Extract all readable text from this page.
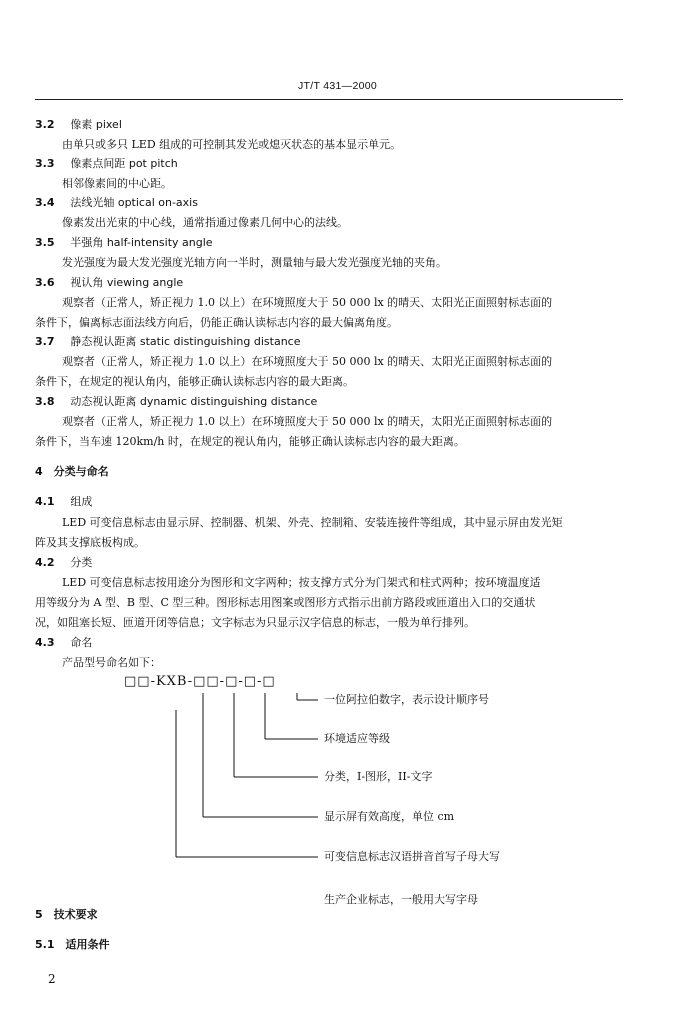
JT/T 431—2000
3.2 像素 pixel
由单只或多只 LED 组成的可控制其发光或熄灭状态的基本显示单元。
3.3 像素点间距 pot pitch
相邻像素间的中心距。
3.4 法线光轴 optical on-axis
像素发出光束的中心线，通常指通过像素几何中心的法线。
3.5 半强角 half-intensity angle
发光强度为最大发光强度光轴方向一半时，测量轴与最大发光强度光轴的夹角。
3.6 视认角 viewing angle
观察者（正常人，矫正视力 1.0 以上）在环境照度大于 50 000 lx 的晴天、太阳光正面照射标志面的
条件下，偏离标志面法线方向后，仍能正确认读标志内容的最大偏离角度。
3.7 静态视认距离 static distinguishing distance
观察者（正常人，矫正视力 1.0 以上）在环境照度大于 50 000 lx 的晴天、太阳光正面照射标志面的
条件下，在规定的视认角内，能够正确认读标志内容的最大距离。
3.8 动态视认距离 dynamic distinguishing distance
观察者（正常人，矫正视力 1.0 以上）在环境照度大于 50 000 lx 的晴天，太阳光正面照射标志面的
条件下，当车速 120km/h 时，在规定的视认角内，能够正确认读标志内容的最大距离。
4　分类与命名
4.1 组成
LED 可变信息标志由显示屏、控制器、机架、外壳、控制箱、安装连接件等组成，其中显示屏由发光矩
阵及其支撑底板构成。
4.2 分类
LED 可变信息标志按用途分为图形和文字两种；按支撑方式分为门架式和柱式两种；按环境温度适
用等级分为 A 型、B 型、C 型三种。图形标志用图案或图形方式指示出前方路段或匝道出入口的交通状
况，如阻塞长短、匝道开闭等信息；文字标志为只显示汉字信息的标志，一般为单行排列。
4.3 命名
产品型号命名如下：
□□-KXB-□□-□-□-□
一位阿拉伯数字，表示设计顺序号
环境适应等级
分类，I-图形，II-文字
显示屏有效高度，单位 cm
可变信息标志汉语拼音首写子母大写
生产企业标志，一般用大写字母
5　技术要求
5.1　适用条件
2
